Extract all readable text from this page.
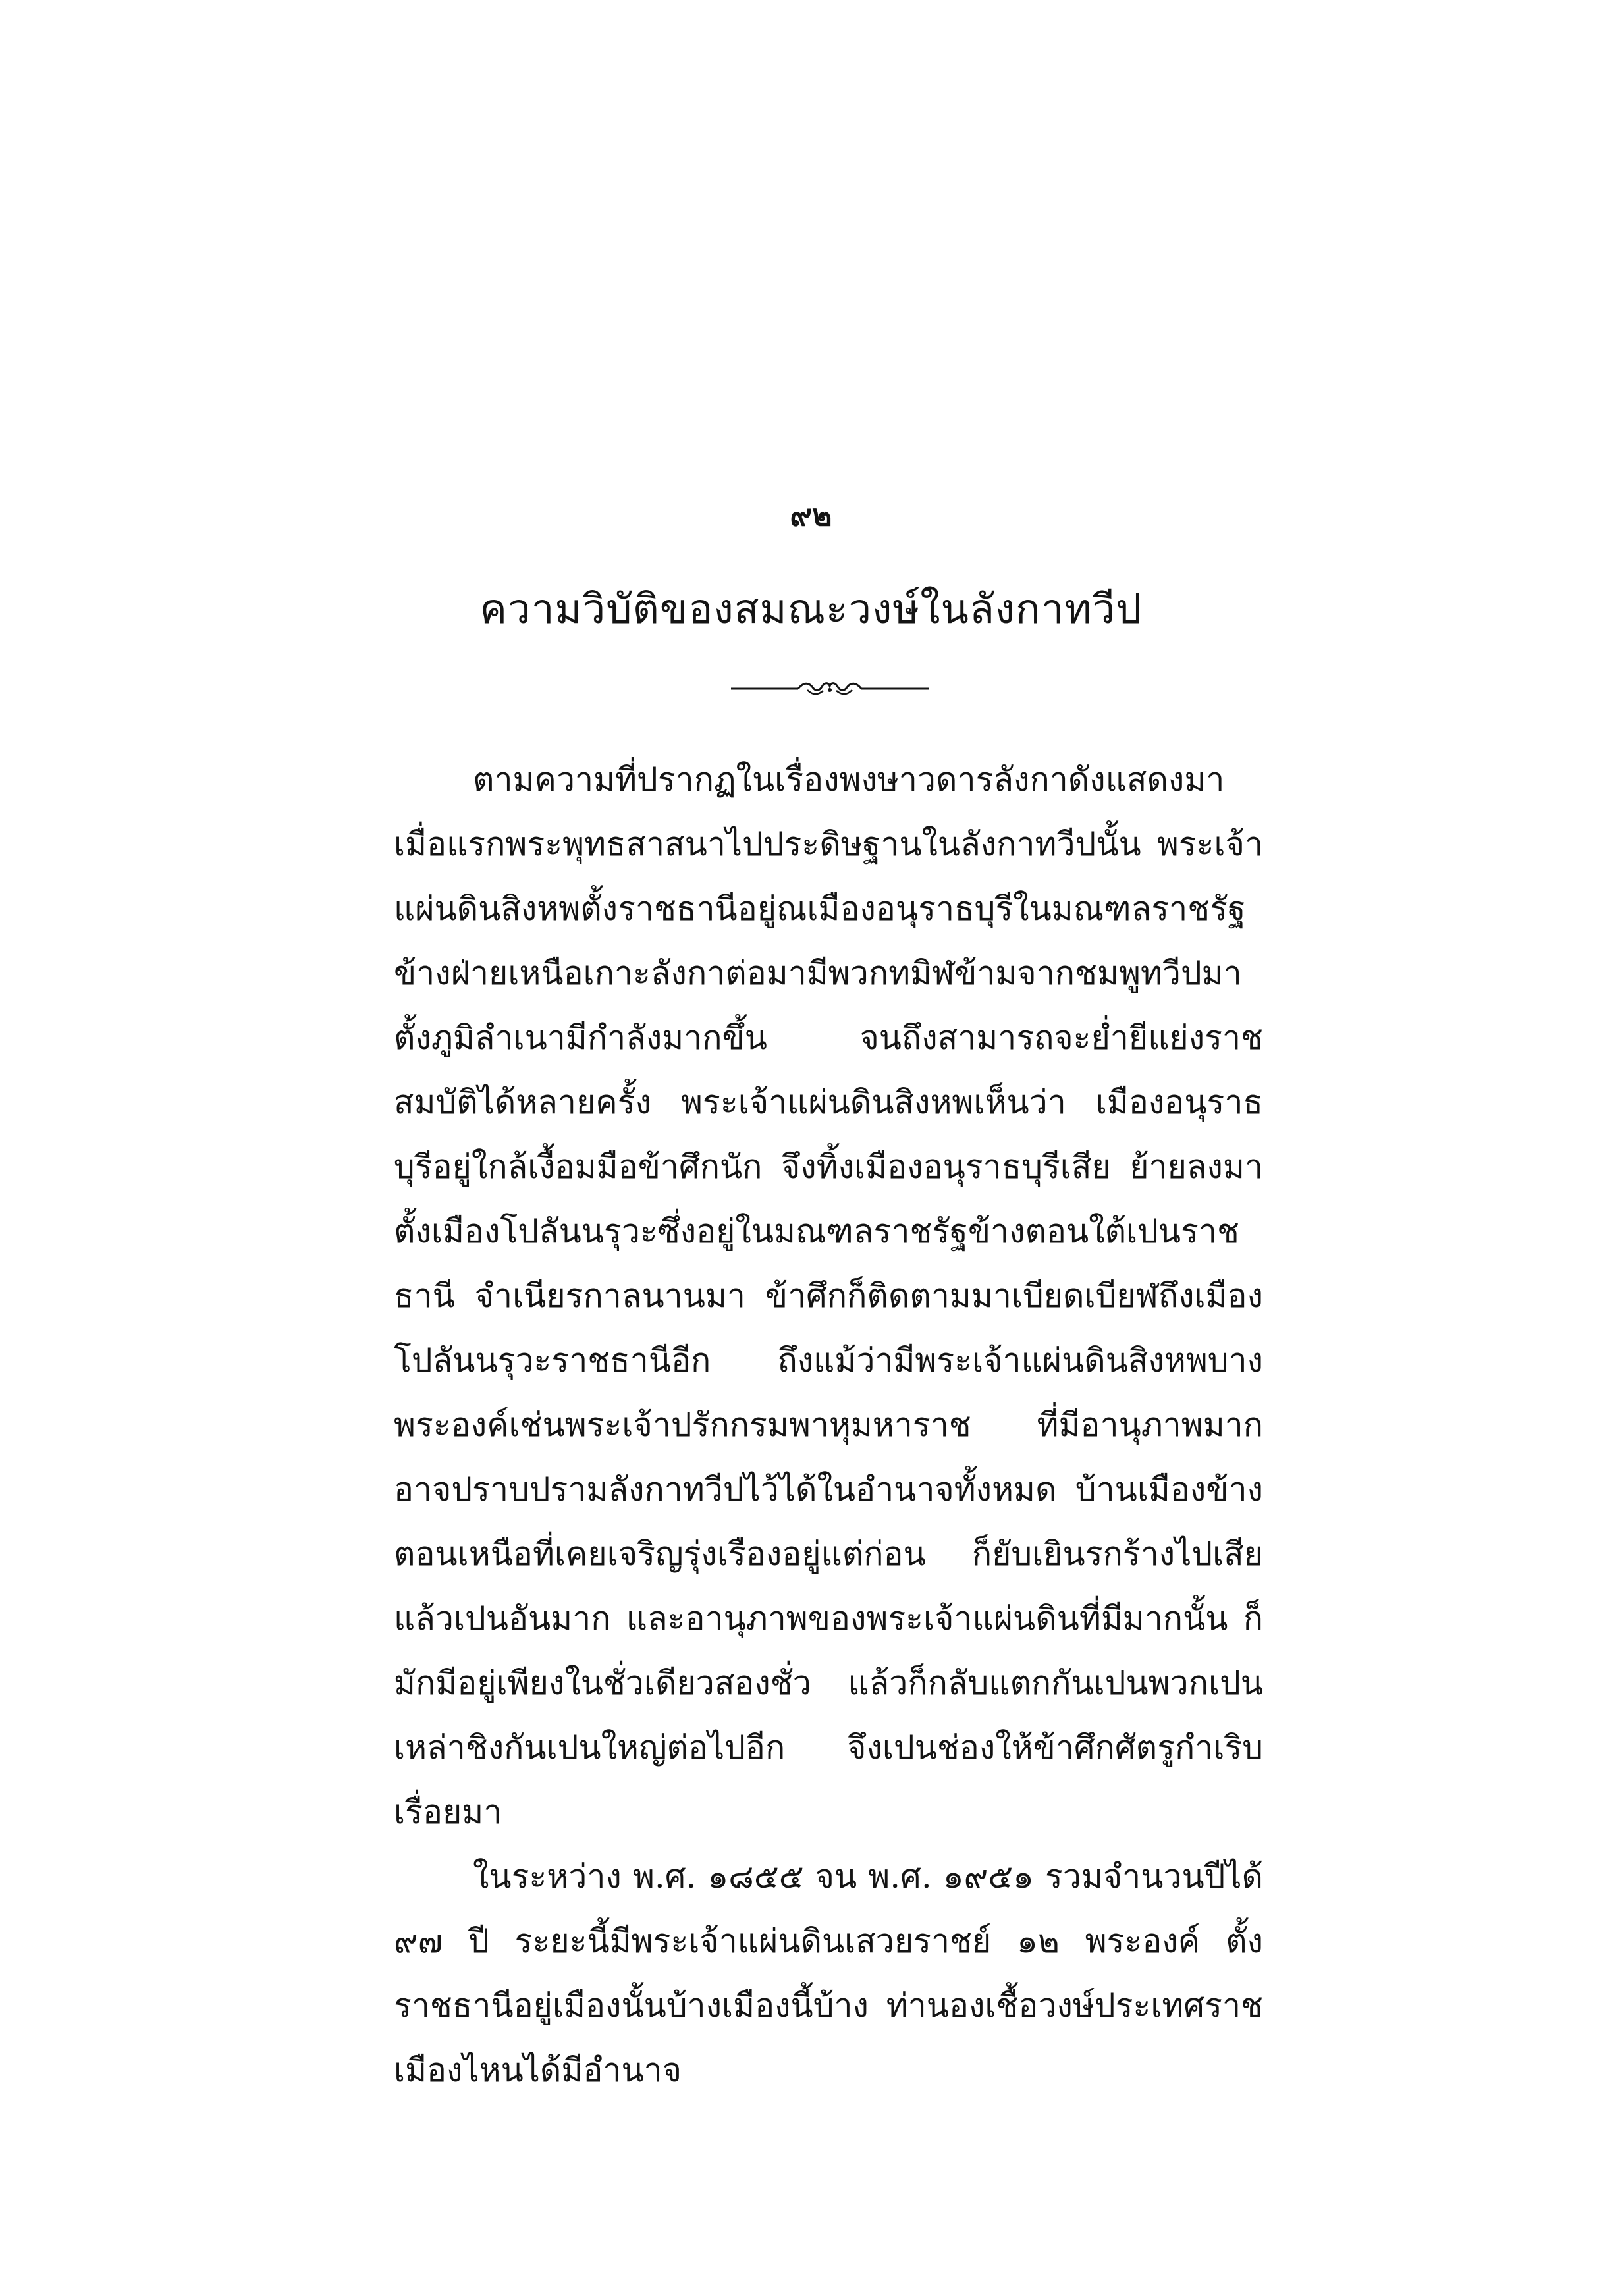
๙๒
ความวิบัติของสมณะวงษ์ในลังกาทวีป

ตามความที่ปรากฏในเรื่องพงษาวดารลังกาดังแสดงมา เมื่อแรกพระพุทธสาสนาไปประดิษฐานในลังกาทวีปนั้น พระเจ้าแผ่นดินสิงหพตั้งราชธานีอยู่ณเมืองอนุราธบุรีในมณฑลราชรัฐข้างฝ่ายเหนือเกาะลังกาต่อมามีพวกทมิฬข้ามจากชมพูทวีปมาตั้งภูมิลำเนามีกำลังมากขึ้น จนถึงสามารถจะย่ำยีแย่งราชสมบัติได้หลายครั้ง พระเจ้าแผ่นดินสิงหพเห็นว่า เมืองอนุราธบุรีอยู่ใกล้เงื้อมมือข้าศึกนัก จึงทิ้งเมืองอนุราธบุรีเสีย ย้ายลงมาตั้งเมืองโปลันนรุวะซึ่งอยู่ในมณฑลราชรัฐข้างตอนใต้เปนราชธานี จำเนียรกาลนานมา ข้าศึกก็ติดตามมาเบียดเบียฬถึงเมืองโปลันนรุวะราชธานีอีก ถึงแม้ว่ามีพระเจ้าแผ่นดินสิงหพบางพระองค์เช่นพระเจ้าปรักกรมพาหุมหาราช ที่มีอานุภาพมาก อาจปราบปรามลังกาทวีปไว้ได้ในอำนาจทั้งหมด บ้านเมืองข้างตอนเหนือที่เคยเจริญรุ่งเรืองอยู่แต่ก่อน ก็ยับเยินรกร้างไปเสียแล้วเปนอันมาก และอานุภาพของพระเจ้าแผ่นดินที่มีมากนั้น ก็มักมีอยู่เพียงในชั่วเดียวสองชั่ว แล้วก็กลับแตกกันเปนพวกเปนเหล่าชิงกันเปนใหญ่ต่อไปอีก จึงเปนช่องให้ข้าศึกศัตรูกำเริบเรื่อยมา

ในระหว่าง พ.ศ. ๑๘๕๕ จน พ.ศ. ๑๙๕๑ รวมจำนวนปีได้ ๙๗ ปี ระยะนี้มีพระเจ้าแผ่นดินเสวยราชย์ ๑๒ พระองค์ ตั้งราชธานีอยู่เมืองนั้นบ้างเมืองนี้บ้าง ท่านองเชื้อวงษ์ประเทศราชเมืองไหนได้มีอำนาจ
